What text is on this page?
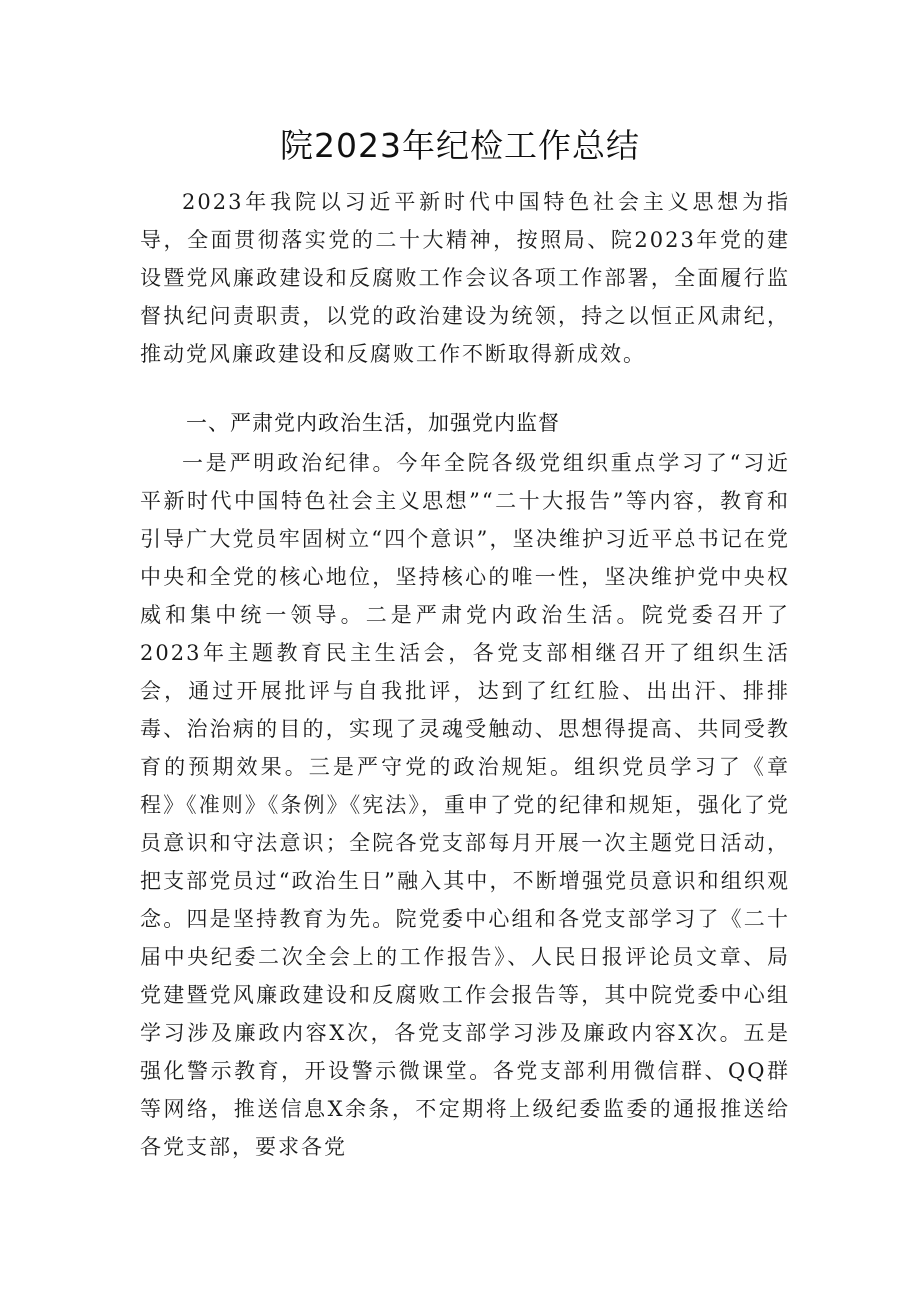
院2023年纪检工作总结

2023年我院以习近平新时代中国特色社会主义思想为指导，全面贯彻落实党的二十大精神，按照局、院2023年党的建设暨党风廉政建设和反腐败工作会议各项工作部署，全面履行监督执纪问责职责，以党的政治建设为统领，持之以恒正风肃纪，推动党风廉政建设和反腐败工作不断取得新成效。

一、严肃党内政治生活，加强党内监督

一是严明政治纪律。今年全院各级党组织重点学习了“习近平新时代中国特色社会主义思想”“二十大报告”等内容，教育和引导广大党员牢固树立“四个意识”，坚决维护习近平总书记在党中央和全党的核心地位，坚持核心的唯一性，坚决维护党中央权威和集中统一领导。二是严肃党内政治生活。院党委召开了2023年主题教育民主生活会，各党支部相继召开了组织生活会，通过开展批评与自我批评，达到了红红脸、出出汗、排排毒、治治病的目的，实现了灵魂受触动、思想得提高、共同受教育的预期效果。三是严守党的政治规矩。组织党员学习了《章程》《准则》《条例》《宪法》，重申了党的纪律和规矩，强化了党员意识和守法意识；全院各党支部每月开展一次主题党日活动，把支部党员过“政治生日”融入其中，不断增强党员意识和组织观念。四是坚持教育为先。院党委中心组和各党支部学习了《二十届中央纪委二次全会上的工作报告》、人民日报评论员文章、局党建暨党风廉政建设和反腐败工作会报告等，其中院党委中心组学习涉及廉政内容X次，各党支部学习涉及廉政内容X次。五是强化警示教育，开设警示微课堂。各党支部利用微信群、QQ群等网络，推送信息X余条，不定期将上级纪委监委的通报推送给各党支部，要求各党
